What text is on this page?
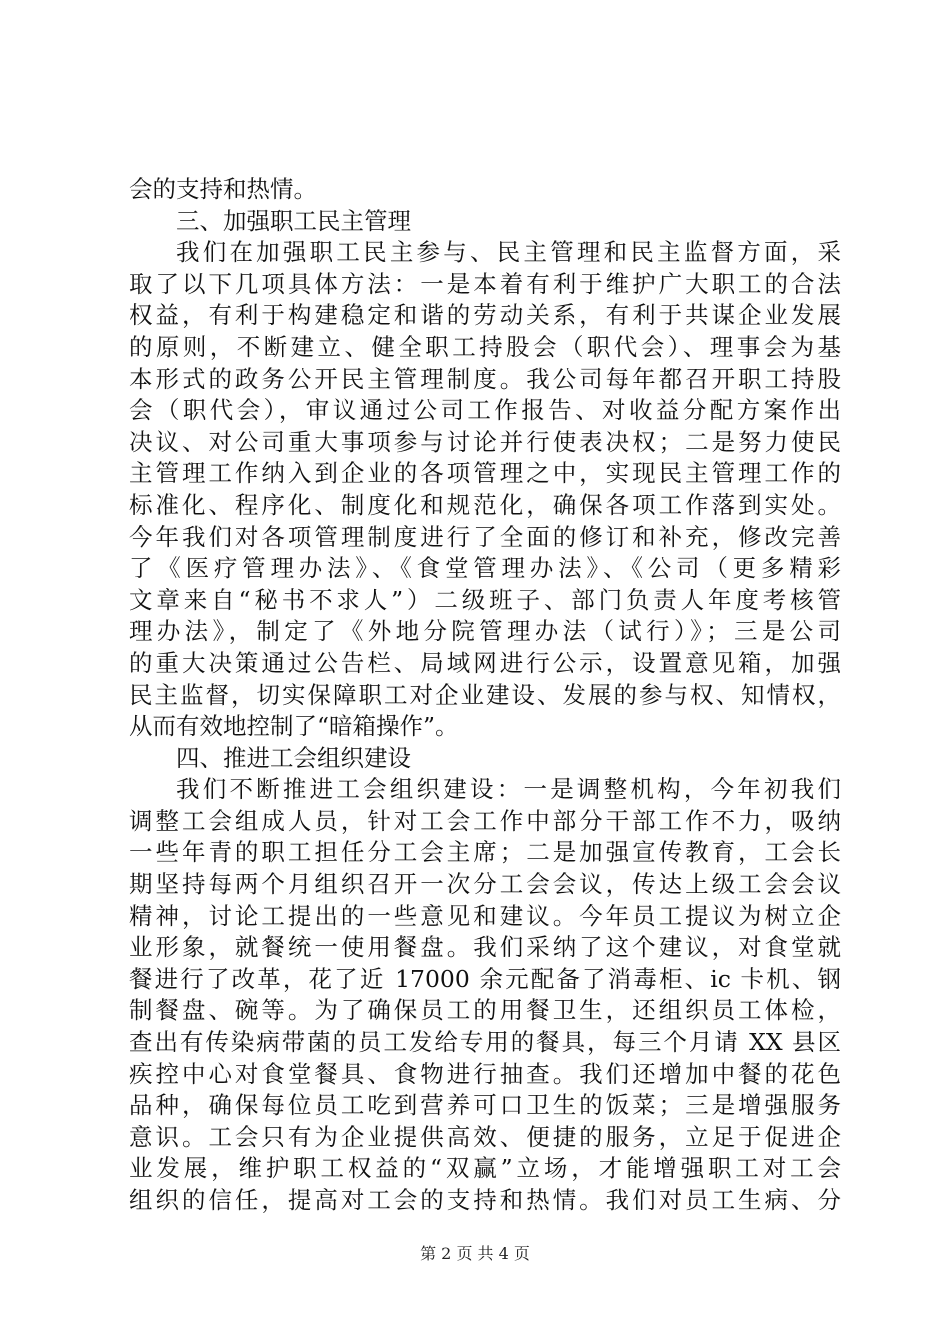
会的支持和热情。
三、加强职工民主管理
我们在加强职工民主参与、民主管理和民主监督方面，采
取了以下几项具体方法：一是本着有利于维护广大职工的合法
权益，有利于构建稳定和谐的劳动关系，有利于共谋企业发展
的原则，不断建立、健全职工持股会（职代会）、理事会为基
本形式的政务公开民主管理制度。我公司每年都召开职工持股
会（职代会），审议通过公司工作报告、对收益分配方案作出
决议、对公司重大事项参与讨论并行使表决权；二是努力使民
主管理工作纳入到企业的各项管理之中，实现民主管理工作的
标准化、程序化、制度化和规范化，确保各项工作落到实处。
今年我们对各项管理制度进行了全面的修订和补充，修改完善
了《医疗管理办法》、《食堂管理办法》、《公司（更多精彩
文章来自“秘书不求人”）二级班子、部门负责人年度考核管
理办法》，制定了《外地分院管理办法（试行）》；三是公司
的重大决策通过公告栏、局域网进行公示，设置意见箱，加强
民主监督，切实保障职工对企业建设、发展的参与权、知情权，
从而有效地控制了“暗箱操作”。
四、推进工会组织建设
我们不断推进工会组织建设：一是调整机构，今年初我们
调整工会组成人员，针对工会工作中部分干部工作不力，吸纳
一些年青的职工担任分工会主席；二是加强宣传教育，工会长
期坚持每两个月组织召开一次分工会会议，传达上级工会会议
精神，讨论工提出的一些意见和建议。今年员工提议为树立企
业形象，就餐统一使用餐盘。我们采纳了这个建议，对食堂就
餐进行了改革，花了近 17000 余元配备了消毒柜、ic 卡机、钢
制餐盘、碗等。为了确保员工的用餐卫生，还组织员工体检，
查出有传染病带菌的员工发给专用的餐具，每三个月请 XX 县区
疾控中心对食堂餐具、食物进行抽查。我们还增加中餐的花色
品种，确保每位员工吃到营养可口卫生的饭菜；三是增强服务
意识。工会只有为企业提供高效、便捷的服务，立足于促进企
业发展，维护职工权益的“双赢”立场，才能增强职工对工会
组织的信任，提高对工会的支持和热情。我们对员工生病、分
第 2 页 共 4 页
